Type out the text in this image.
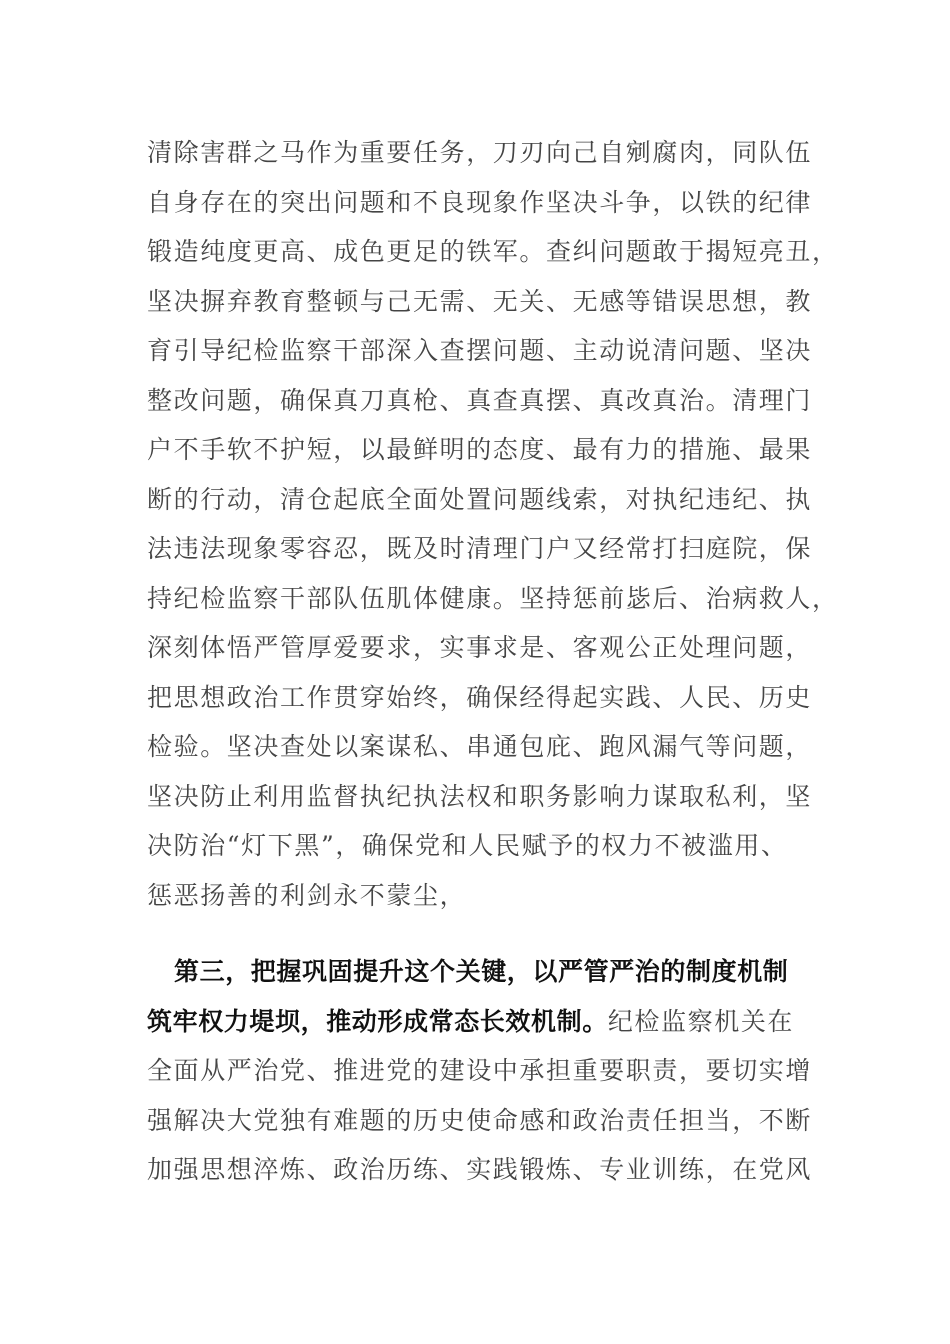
清除害群之马作为重要任务，刀刃向己自剜腐肉，同队伍
自身存在的突出问题和不良现象作坚决斗争，以铁的纪律
锻造纯度更高、成色更足的铁军。查纠问题敢于揭短亮丑，
坚决摒弃教育整顿与己无需、无关、无感等错误思想，教
育引导纪检监察干部深入查摆问题、主动说清问题、坚决
整改问题，确保真刀真枪、真查真摆、真改真治。清理门
户不手软不护短，以最鲜明的态度、最有力的措施、最果
断的行动，清仓起底全面处置问题线索，对执纪违纪、执
法违法现象零容忍，既及时清理门户又经常打扫庭院，保
持纪检监察干部队伍肌体健康。坚持惩前毖后、治病救人，
深刻体悟严管厚爱要求，实事求是、客观公正处理问题，
把思想政治工作贯穿始终，确保经得起实践、人民、历史
检验。坚决查处以案谋私、串通包庇、跑风漏气等问题，
坚决防止利用监督执纪执法权和职务影响力谋取私利，坚
决防治“灯下黑”，确保党和人民赋予的权力不被滥用、
惩恶扬善的利剑永不蒙尘，
第三，把握巩固提升这个关键，以严管严治的制度机制
筑牢权力堤坝，推动形成常态长效机制。纪检监察机关在
全面从严治党、推进党的建设中承担重要职责，要切实增
强解决大党独有难题的历史使命感和政治责任担当，不断
加强思想淬炼、政治历练、实践锻炼、专业训练，在党风
